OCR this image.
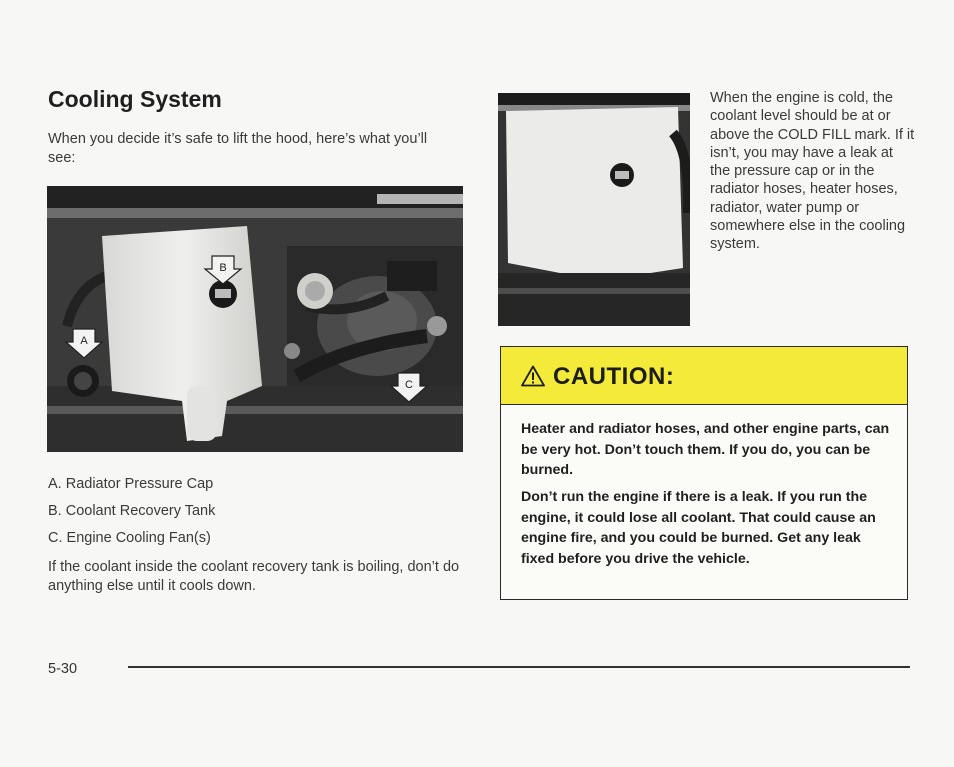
Cooling System

When you decide it’s safe to lift the hood, here’s what you’ll see:

B
A
C
A. Radiator Pressure Cap
B. Coolant Recovery Tank
C. Engine Cooling Fan(s)

If the coolant inside the coolant recovery tank is boiling, don’t do anything else until it cools down.

When the engine is cold, the coolant level should be at or above the COLD FILL mark. If it isn’t, you may have a leak at the pressure cap or in the radiator hoses, heater hoses, radiator, water pump or somewhere else in the cooling system.

CAUTION:

Heater and radiator hoses, and other engine parts, can be very hot. Don’t touch them. If you do, you can be burned.

Don’t run the engine if there is a leak. If you run the engine, it could lose all coolant. That could cause an engine fire, and you could be burned. Get any leak fixed before you drive the vehicle.

5-30
